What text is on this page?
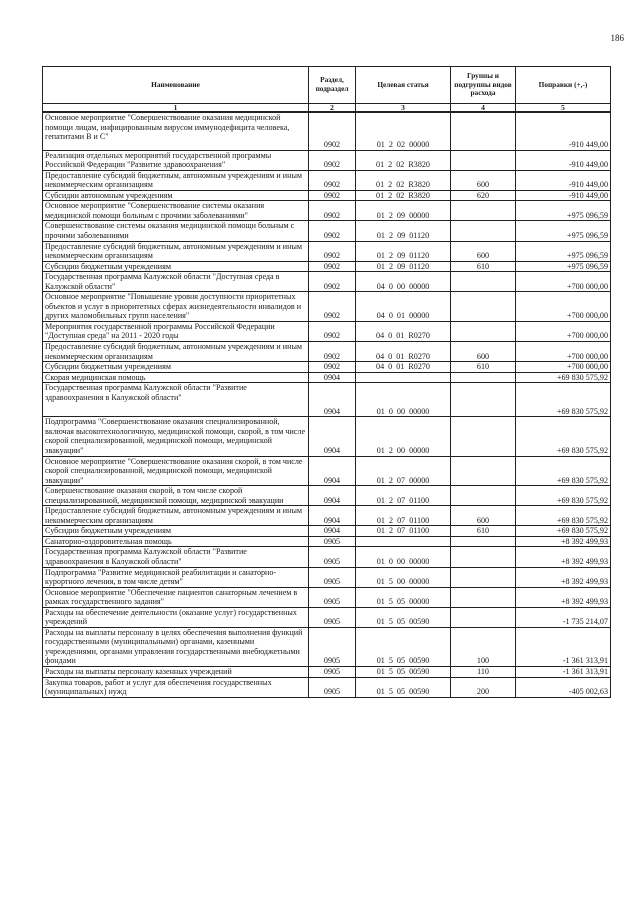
186
Наименование	Раздел, подраздел	Целевая статья	Группы и подгруппы видов расхода	Поправки (+,-)
1	2	3	4	5
Основное мероприятие "Совершенствование оказания медицинской помощи лицам, инфицированным вирусом иммунодефицита человека, гепатитами В и С"	0902	01  2  02  00000		-910 449,00
Реализация отдельных мероприятий государственной программы Российской Федерации "Развитие здравоохранения"	0902	01  2  02  R3820		-910 449,00
Предоставление субсидий бюджетным, автономным учреждениям и иным некоммерческим организациям	0902	01  2  02  R3820	600	-910 449,00
Субсидии автономным учреждениям	0902	01  2  02  R3820	620	-910 449,00
Основное мероприятие "Совершенствование системы оказания медицинской помощи больным с прочими заболеваниями"	0902	01  2  09  00000		+975 096,59
Совершенствование системы оказания медицинской помощи больным с прочими заболеваниями	0902	01  2  09  01120		+975 096,59
Предоставление субсидий бюджетным, автономным учреждениям и иным некоммерческим организациям	0902	01  2  09  01120	600	+975 096,59
Субсидии бюджетным учреждениям	0902	01  2  09  01120	610	+975 096,59
Государственная программа Калужской области "Доступная среда в Калужской области"	0902	04  0  00  00000		+700 000,00
Основное мероприятие "Повышение уровня доступности приоритетных объектов и услуг в приоритетных сферах жизнедеятельности инвалидов и других маломобильных групп населения"	0902	04  0  01  00000		+700 000,00
Мероприятия государственной программы Российской Федерации "Доступная среда" на 2011 - 2020 годы	0902	04  0  01  R0270		+700 000,00
Предоставление субсидий бюджетным, автономным учреждениям и иным некоммерческим организациям	0902	04  0  01  R0270	600	+700 000,00
Субсидии бюджетным учреждениям	0902	04  0  01  R0270	610	+700 000,00
Скорая медицинская помощь	0904			+69 830 575,92
Государственная программа Калужской области "Развитие здравоохранения в Калужской области"	0904	01  0  00  00000		+69 830 575,92
Подпрограмма "Совершенствование оказания специализированной, включая высокотехнологичную, медицинской помощи, скорой, в том числе скорой специализированной, медицинской помощи, медицинской эвакуации"	0904	01  2  00  00000		+69 830 575,92
Основное мероприятие "Совершенствование оказания скорой, в том числе скорой специализированной, медицинской помощи, медицинской эвакуации"	0904	01  2  07  00000		+69 830 575,92
Совершенствование оказания скорой, в том числе скорой специализированной, медицинской помощи, медицинской эвакуации	0904	01  2  07  01100		+69 830 575,92
Предоставление субсидий бюджетным, автономным учреждениям и иным некоммерческим организациям	0904	01  2  07  01100	600	+69 830 575,92
Субсидии бюджетным учреждениям	0904	01  2  07  01100	610	+69 830 575,92
Санаторно-оздоровительная помощь	0905			+8 392 499,93
Государственная программа Калужской области "Развитие здравоохранения в Калужской области"	0905	01  0  00  00000		+8 392 499,93
Подпрограмма "Развитие медицинской реабилитации и санаторно-курортного лечения, в том числе детям"	0905	01  5  00  00000		+8 392 499,93
Основное мероприятие "Обеспечение пациентов санаторным лечением в рамках государственного задания"	0905	01  5  05  00000		+8 392 499,93
Расходы на обеспечение деятельности (оказание услуг) государственных учреждений	0905	01  5  05  00590		-1 735 214,07
Расходы на выплаты персоналу в целях обеспечения выполнения функций государственными (муниципальными) органами, казенными учреждениями, органами управления государственными внебюджетными фондами	0905	01  5  05  00590	100	-1 361 313,91
Расходы на выплаты персоналу казенных учреждений	0905	01  5  05  00590	110	-1 361 313,91
Закупка товаров, работ и услуг для обеспечения государственных (муниципальных) нужд	0905	01  5  05  00590	200	-405 002,63
